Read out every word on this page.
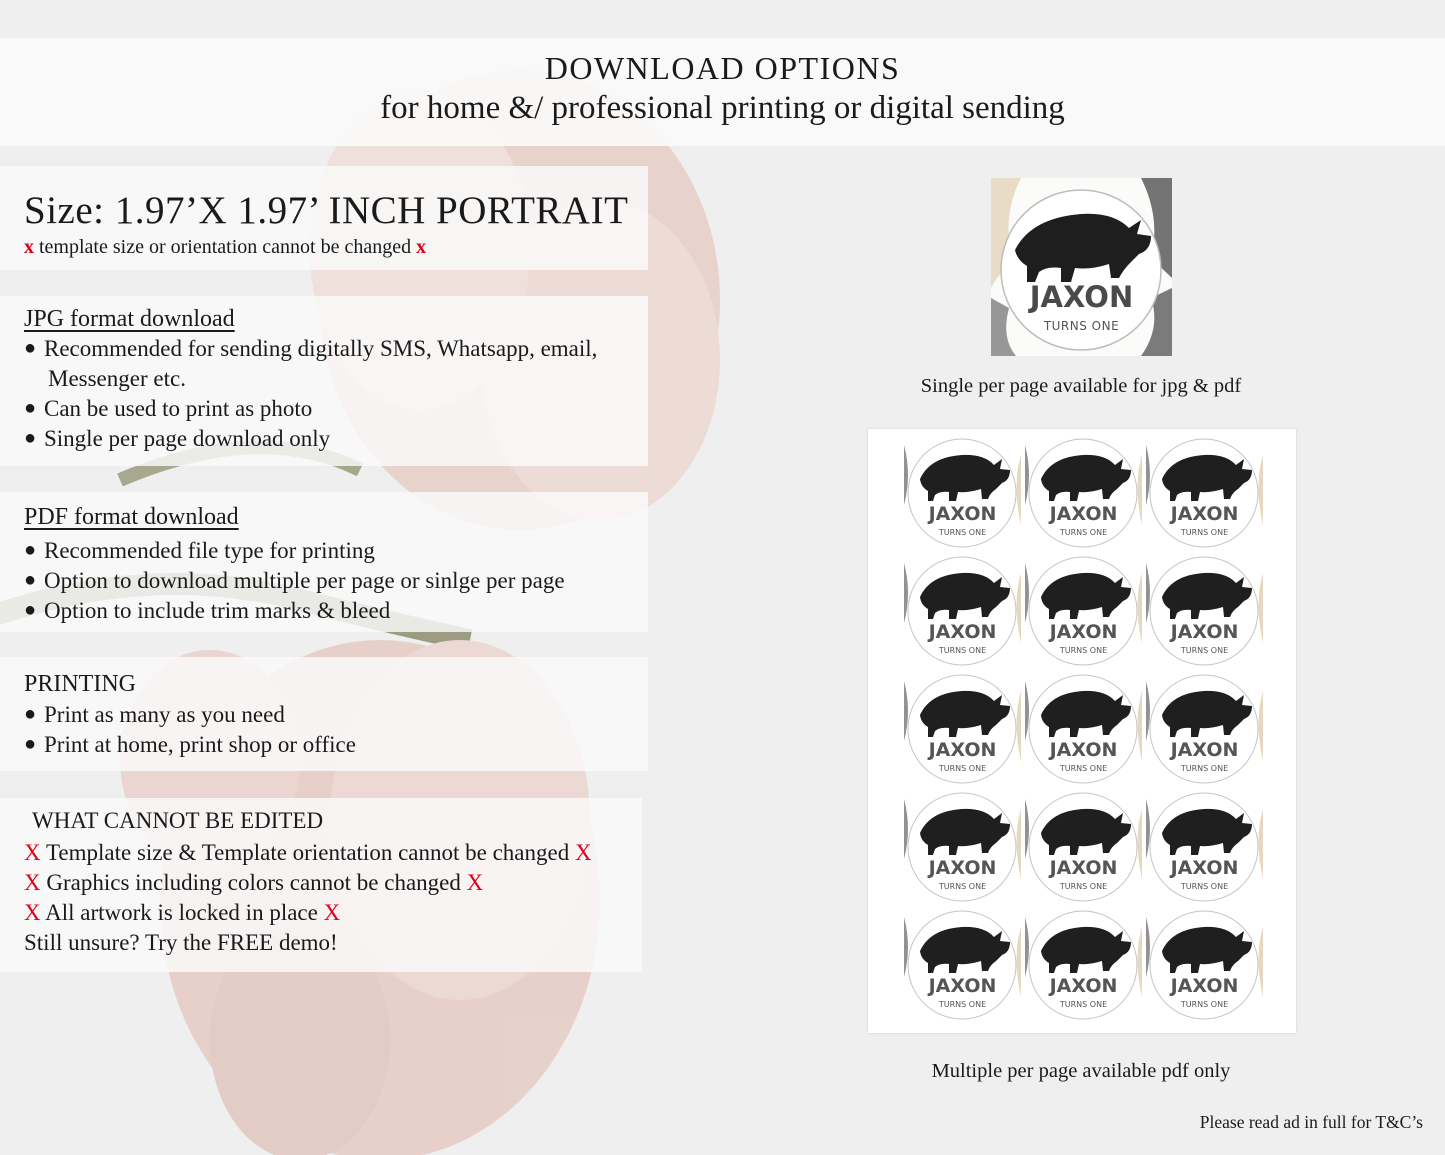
DOWNLOAD OPTIONS
for home &/ professional printing or digital sending
Size: 1.97’X 1.97’ INCH PORTRAIT
x template size or orientation cannot be changed x
JPG format download
● Recommended for sending digitally SMS, Whatsapp, email,
Messenger etc.
● Can be used to print as photo
● Single per page download only
PDF format download
● Recommended file type for printing
● Option to download multiple per page or sinlge per page
● Option to include trim marks & bleed
PRINTING
● Print as many as you need
● Print at home, print shop or office
WHAT CANNOT BE EDITED
X Template size & Template orientation cannot be changed X
X Graphics including colors cannot be changed X
X All artwork is locked in place X
Still unsure? Try the FREE demo!
JAXON
TURNS ONE
Single per page available for jpg & pdf
JAXON
TURNS ONE
JAXON
TURNS ONE
JAXON
TURNS ONE
JAXON
TURNS ONE
JAXON
TURNS ONE
JAXON
TURNS ONE
JAXON
TURNS ONE
JAXON
TURNS ONE
JAXON
TURNS ONE
JAXON
TURNS ONE
JAXON
TURNS ONE
JAXON
TURNS ONE
JAXON
TURNS ONE
JAXON
TURNS ONE
JAXON
TURNS ONE
Multiple per page available pdf only
Please read ad in full for T&C’s
